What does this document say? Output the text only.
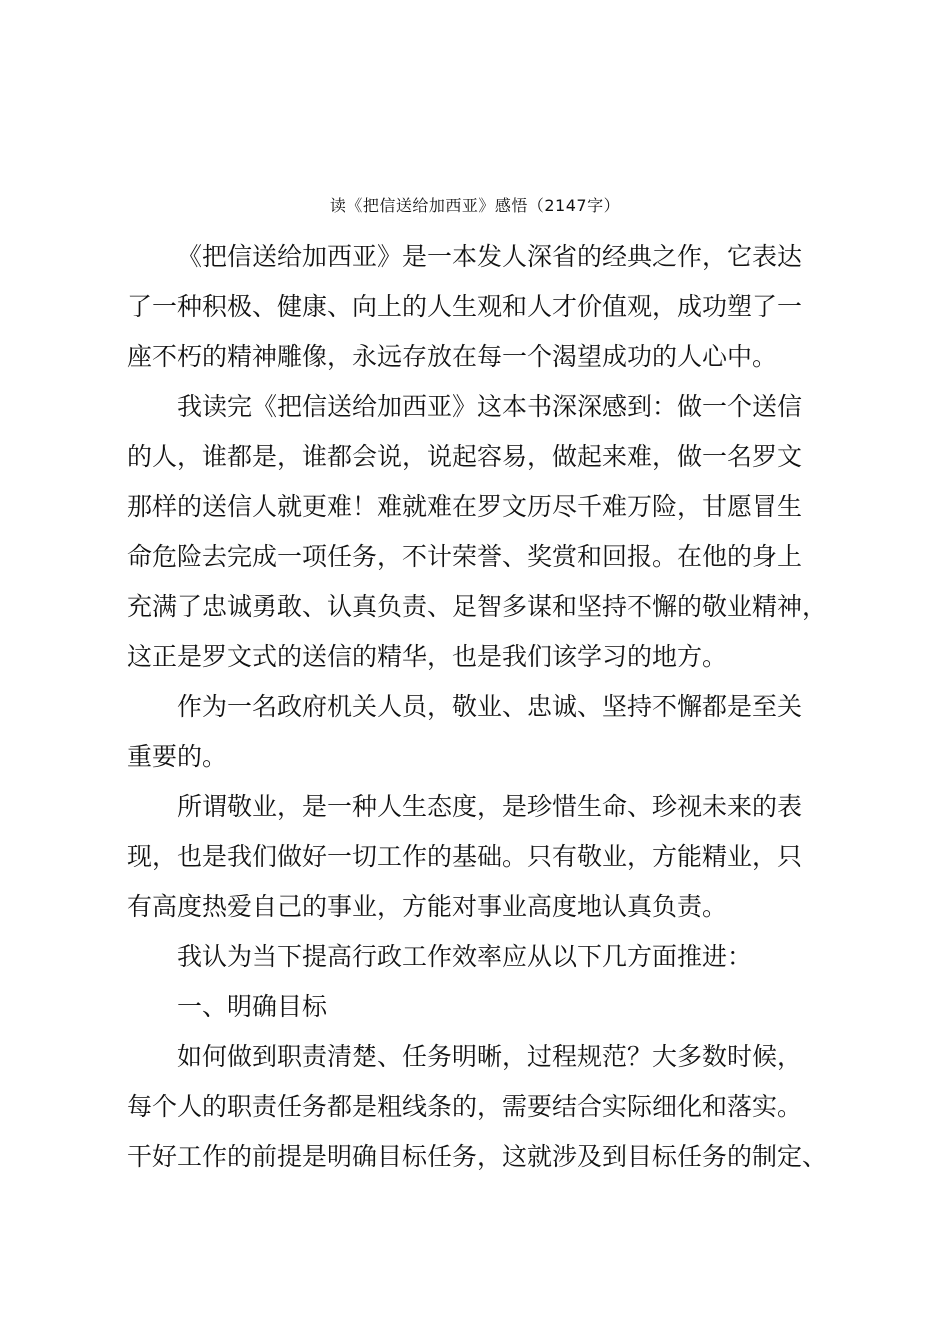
读《把信送给加西亚》感悟（2147字）

《把信送给加西亚》是一本发人深省的经典之作，它表达

了一种积极、健康、向上的人生观和人才价值观，成功塑了一

座不朽的精神雕像，永远存放在每一个渴望成功的人心中。

我读完《把信送给加西亚》这本书深深感到：做一个送信

的人，谁都是，谁都会说，说起容易，做起来难，做一名罗文

那样的送信人就更难！难就难在罗文历尽千难万险，甘愿冒生

命危险去完成一项任务，不计荣誉、奖赏和回报。在他的身上

充满了忠诚勇敢、认真负责、足智多谋和坚持不懈的敬业精神，

这正是罗文式的送信的精华，也是我们该学习的地方。

作为一名政府机关人员，敬业、忠诚、坚持不懈都是至关

重要的。

所谓敬业，是一种人生态度，是珍惜生命、珍视未来的表

现，也是我们做好一切工作的基础。只有敬业，方能精业，只

有高度热爱自己的事业，方能对事业高度地认真负责。

我认为当下提高行政工作效率应从以下几方面推进：

一、明确目标

如何做到职责清楚、任务明晰，过程规范？大多数时候，

每个人的职责任务都是粗线条的，需要结合实际细化和落实。

干好工作的前提是明确目标任务，这就涉及到目标任务的制定、
